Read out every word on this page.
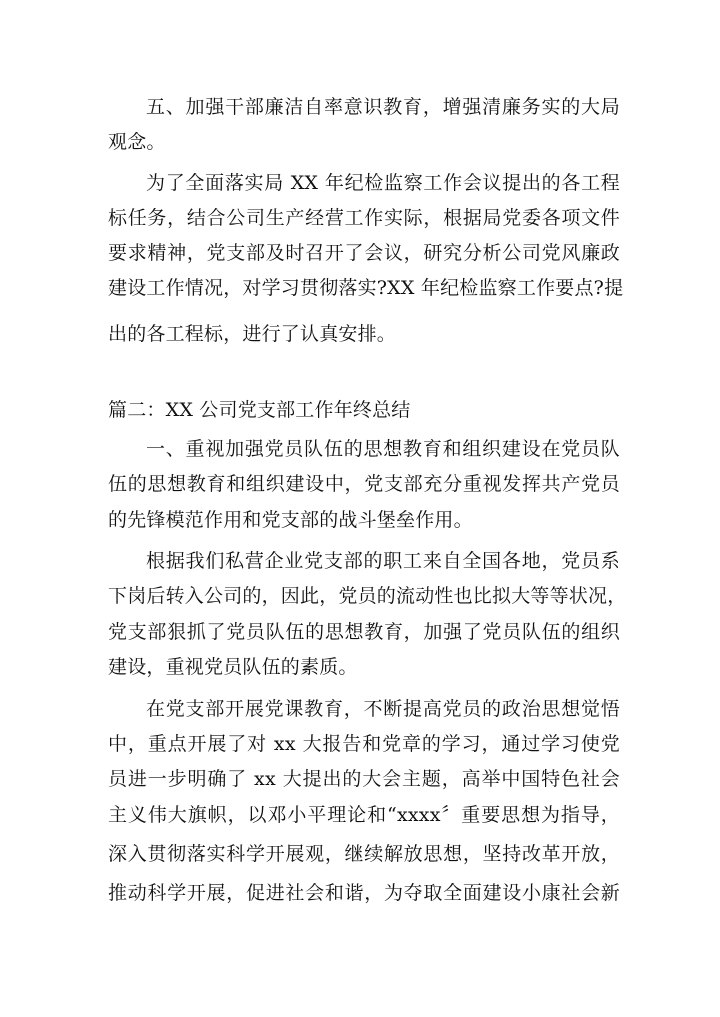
五、加强干部廉洁自率意识教育，增强清廉务实的大局
观念。
为了全面落实局 XX 年纪检监察工作会议提出的各工程
标任务，结合公司生产经营工作实际，根据局党委各项文件
要求精神，党支部及时召开了会议，研究分析公司党风廉政
建设工作情况，对学习贯彻落实?XX 年纪检监察工作要点?提
出的各工程标，进行了认真安排。
篇二：XX 公司党支部工作年终总结
一、重视加强党员队伍的思想教育和组织建设在党员队
伍的思想教育和组织建设中，党支部充分重视发挥共产党员
的先锋模范作用和党支部的战斗堡垒作用。
根据我们私营企业党支部的职工来自全国各地，党员系
下岗后转入公司的，因此，党员的流动性也比拟大等等状况，
党支部狠抓了党员队伍的思想教育，加强了党员队伍的组织
建设，重视党员队伍的素质。
在党支部开展党课教育，不断提高党员的政治思想觉悟
中，重点开展了对 xx 大报告和党章的学习，通过学习使党
员进一步明确了 xx 大提出的大会主题，高举中国特色社会
主义伟大旗帜，以邓小平理论和“xxxx〞重要思想为指导，
深入贯彻落实科学开展观，继续解放思想，坚持改革开放，
推动科学开展，促进社会和谐，为夺取全面建设小康社会新
